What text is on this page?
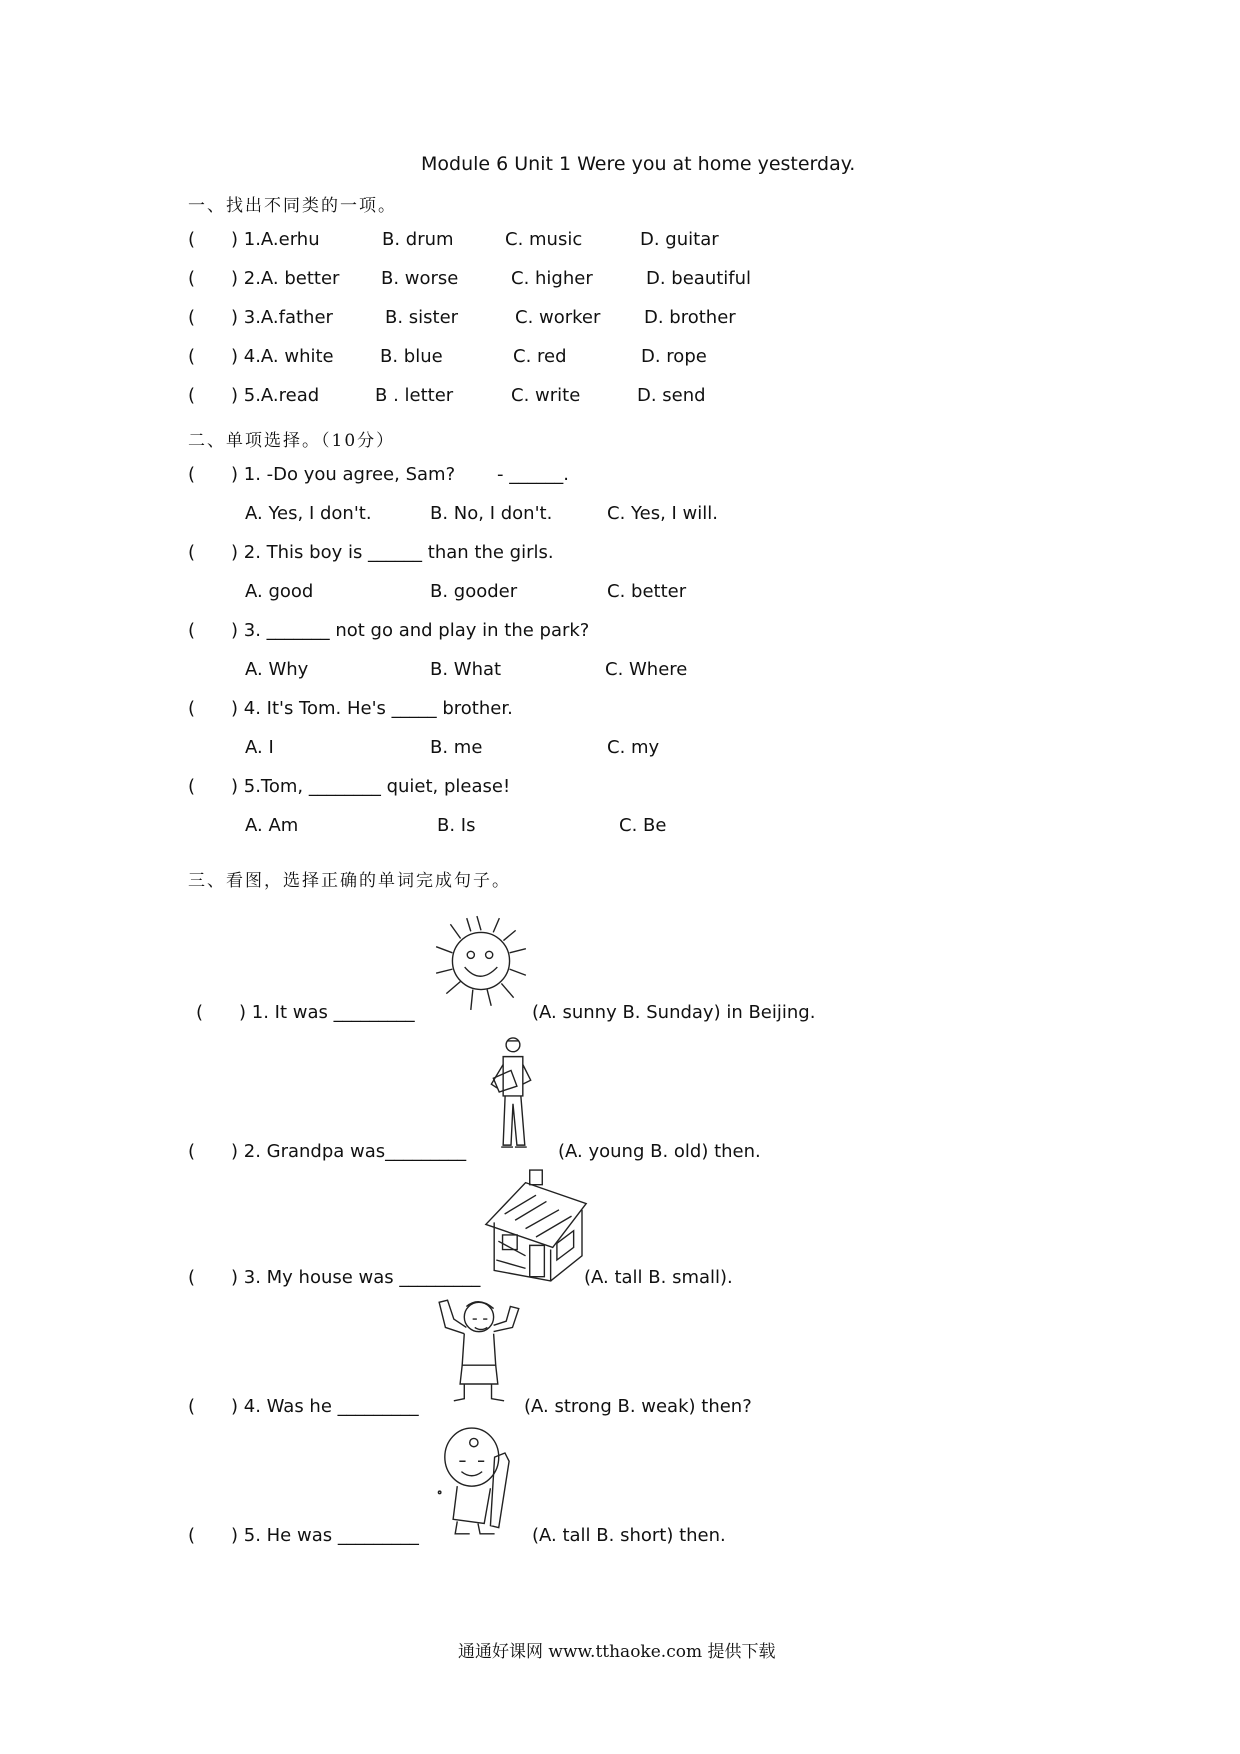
Module 6 Unit 1 Were you at home yesterday.
一、找出不同类的一项。
( ) 1.A.erhu	B. drum	C. music	D. guitar
( ) 2.A. better B. worse	C. higher	D. beautiful
( ) 3.A.father	B. sister	C. worker D. brother
( ) 4.A. white	B. blue	C. red	D. rope
( ) 5.A.read	B . letter	C. write	D. send
二、单项选择。（10分）
( ) 1. -Do you agree, Sam? - ______.
A. Yes, I don't.	B. No, I don't.	C. Yes, I will.
( ) 2. This boy is ______ than the girls.
A. good	B. gooder	C. better
( ) 3. _______ not go and play in the park?
A. Why	B. What	C. Where
( ) 4. It's Tom. He's _____ brother.
A. I	B. me	C. my
( ) 5.Tom, ________ quiet, please!
A. Am	B. Is	C. Be
三、看图，选择正确的单词完成句子。
( ) 1. It was _________	(A. sunny B. Sunday) in Beijing.
( ) 2. Grandpa was_________	(A. young B. old) then.
( ) 3. My house was _________	(A. tall B. small).
( ) 4. Was he _________	(A. strong B. weak) then?
( ) 5. He was _________	(A. tall B. short) then.
通通好课网 www.tthaoke.com 提供下载
